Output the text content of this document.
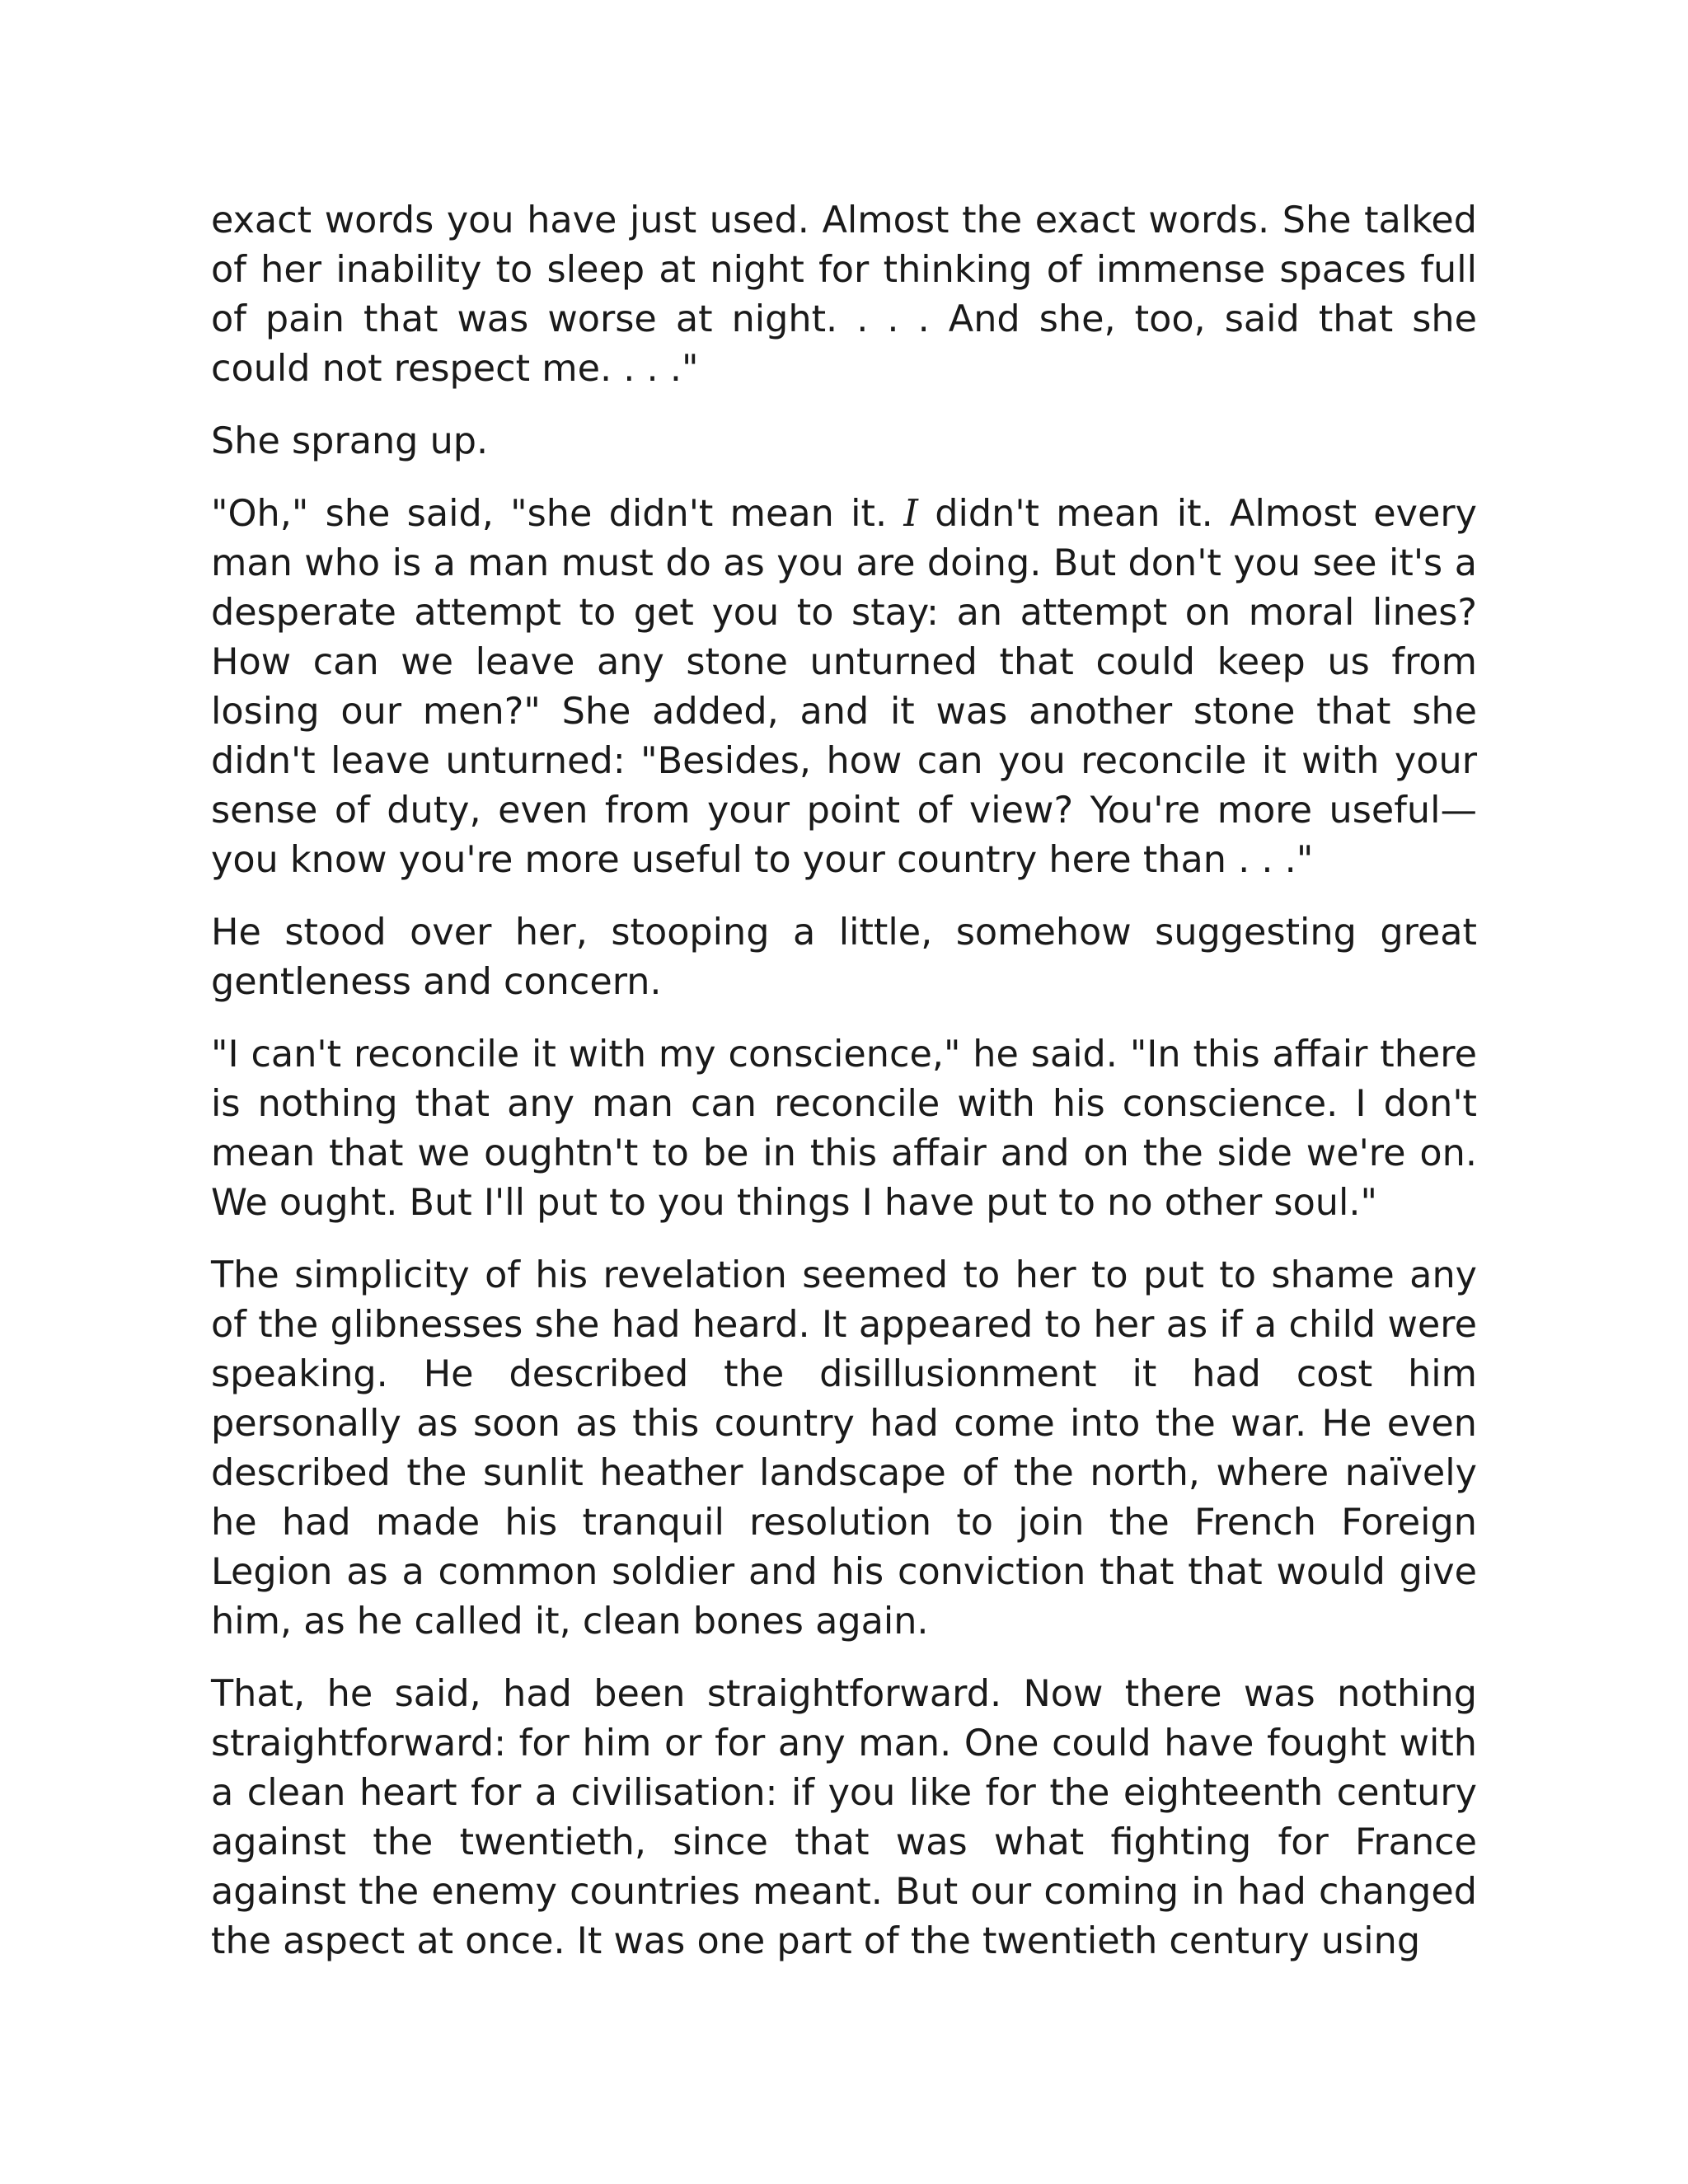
exact words you have just used. Almost the exact words. She talked of her inability to sleep at night for thinking of immense spaces full of pain that was worse at night. . . . And she, too, said that she could not respect me. . . ."

She sprang up.

"Oh," she said, "she didn't mean it. I didn't mean it. Almost every man who is a man must do as you are doing. But don't you see it's a desperate attempt to get you to stay: an attempt on moral lines? How can we leave any stone unturned that could keep us from losing our men?" She added, and it was another stone that she didn't leave unturned: "Besides, how can you reconcile it with your sense of duty, even from your point of view? You're more useful—you know you're more useful to your country here than . . ."

He stood over her, stooping a little, somehow suggesting great gentleness and concern.

"I can't reconcile it with my conscience," he said. "In this affair there is nothing that any man can reconcile with his conscience. I don't mean that we oughtn't to be in this affair and on the side we're on. We ought. But I'll put to you things I have put to no other soul."

The simplicity of his revelation seemed to her to put to shame any of the glibnesses she had heard. It appeared to her as if a child were speaking. He described the disillusionment it had cost him personally as soon as this country had come into the war. He even described the sunlit heather landscape of the north, where naïvely he had made his tranquil resolution to join the French Foreign Legion as a common soldier and his conviction that that would give him, as he called it, clean bones again.

That, he said, had been straightforward. Now there was nothing straightforward: for him or for any man. One could have fought with a clean heart for a civilisation: if you like for the eighteenth century against the twentieth, since that was what fighting for France against the enemy countries meant. But our coming in had changed the aspect at once. It was one part of the twentieth century using
